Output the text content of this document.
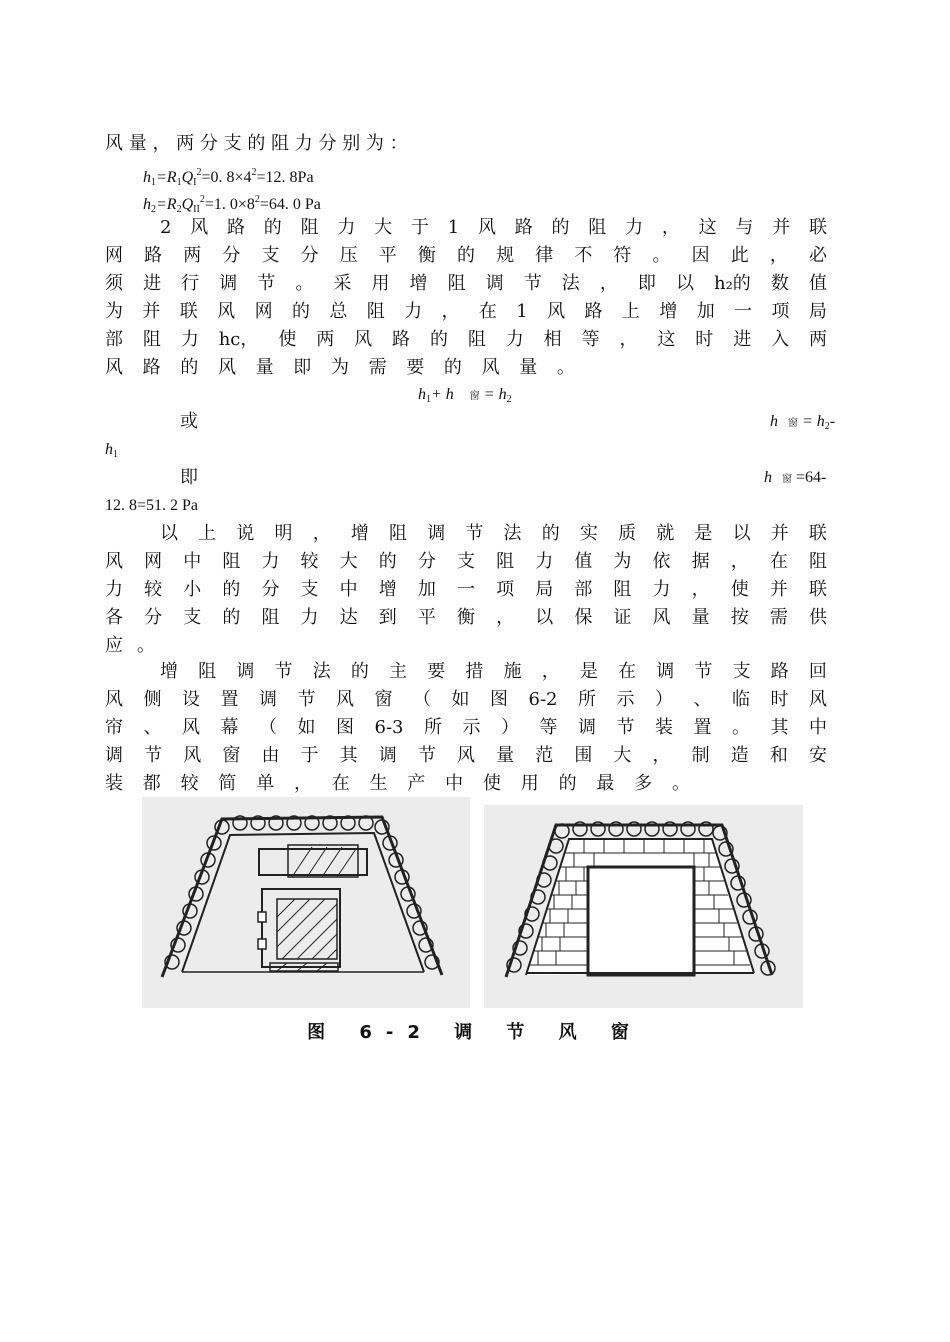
风 量 ， 两 分 支 的 阻 力 分 别 为 ：
$h_1=R_1Q_I^2=0$. $8\times 4^2=12$. 8Pa
$h_2=R_2Q_{II}^2=1$. $0\times 8^2=64$. 0 Pa
2 风 路 的 阻 力 大 于 1 风 路 的 阻 力 ， 这 与 并 联
网 路 两 分 支 分 压 平 衡 的 规 律 不 符 。 因 此 ， 必
须 进 行 调 节 。 采 用 增 阻 调 节 法 ， 即 以 h₂的 数 值
为 并 联 风 网 的 总 阻 力 ， 在 1 风 路 上 增 加 一 项 局
部 阻 力 hc， 使 两 风 路 的 阻 力 相 等 ， 这 时 进 入 两
风 路 的 风 量 即 为 需 要 的 风 量 。
$h_1+ h$ 窗 = $h_2$
或	h 窗 = $h_2-$
$h_1$
即	h 窗 =64-
12. 8=51. 2 Pa
以 上 说 明 ， 增 阻 调 节 法 的 实 质 就 是 以 并 联
风 网 中 阻 力 较 大 的 分 支 阻 力 值 为 依 据 ， 在 阻
力 较 小 的 分 支 中 增 加 一 项 局 部 阻 力 ， 使 并 联
各 分 支 的 阻 力 达 到 平 衡 ， 以 保 证 风 量 按 需 供
应 。
增 阻 调 节 法 的 主 要 措 施 ， 是 在 调 节 支 路 回
风 侧 设 置 调 节 风 窗 （ 如 图 6-2 所 示 ） 、 临 时 风
帘 、 风 幕 （ 如 图 6-3 所 示 ） 等 调 节 装 置 。 其 中
调 节 风 窗 由 于 其 调 节 风 量 范 围 大 ， 制 造 和 安
装 都 较 简 单 ， 在 生 产 中 使 用 的 最 多 。
图 6-2 调 节 风 窗
